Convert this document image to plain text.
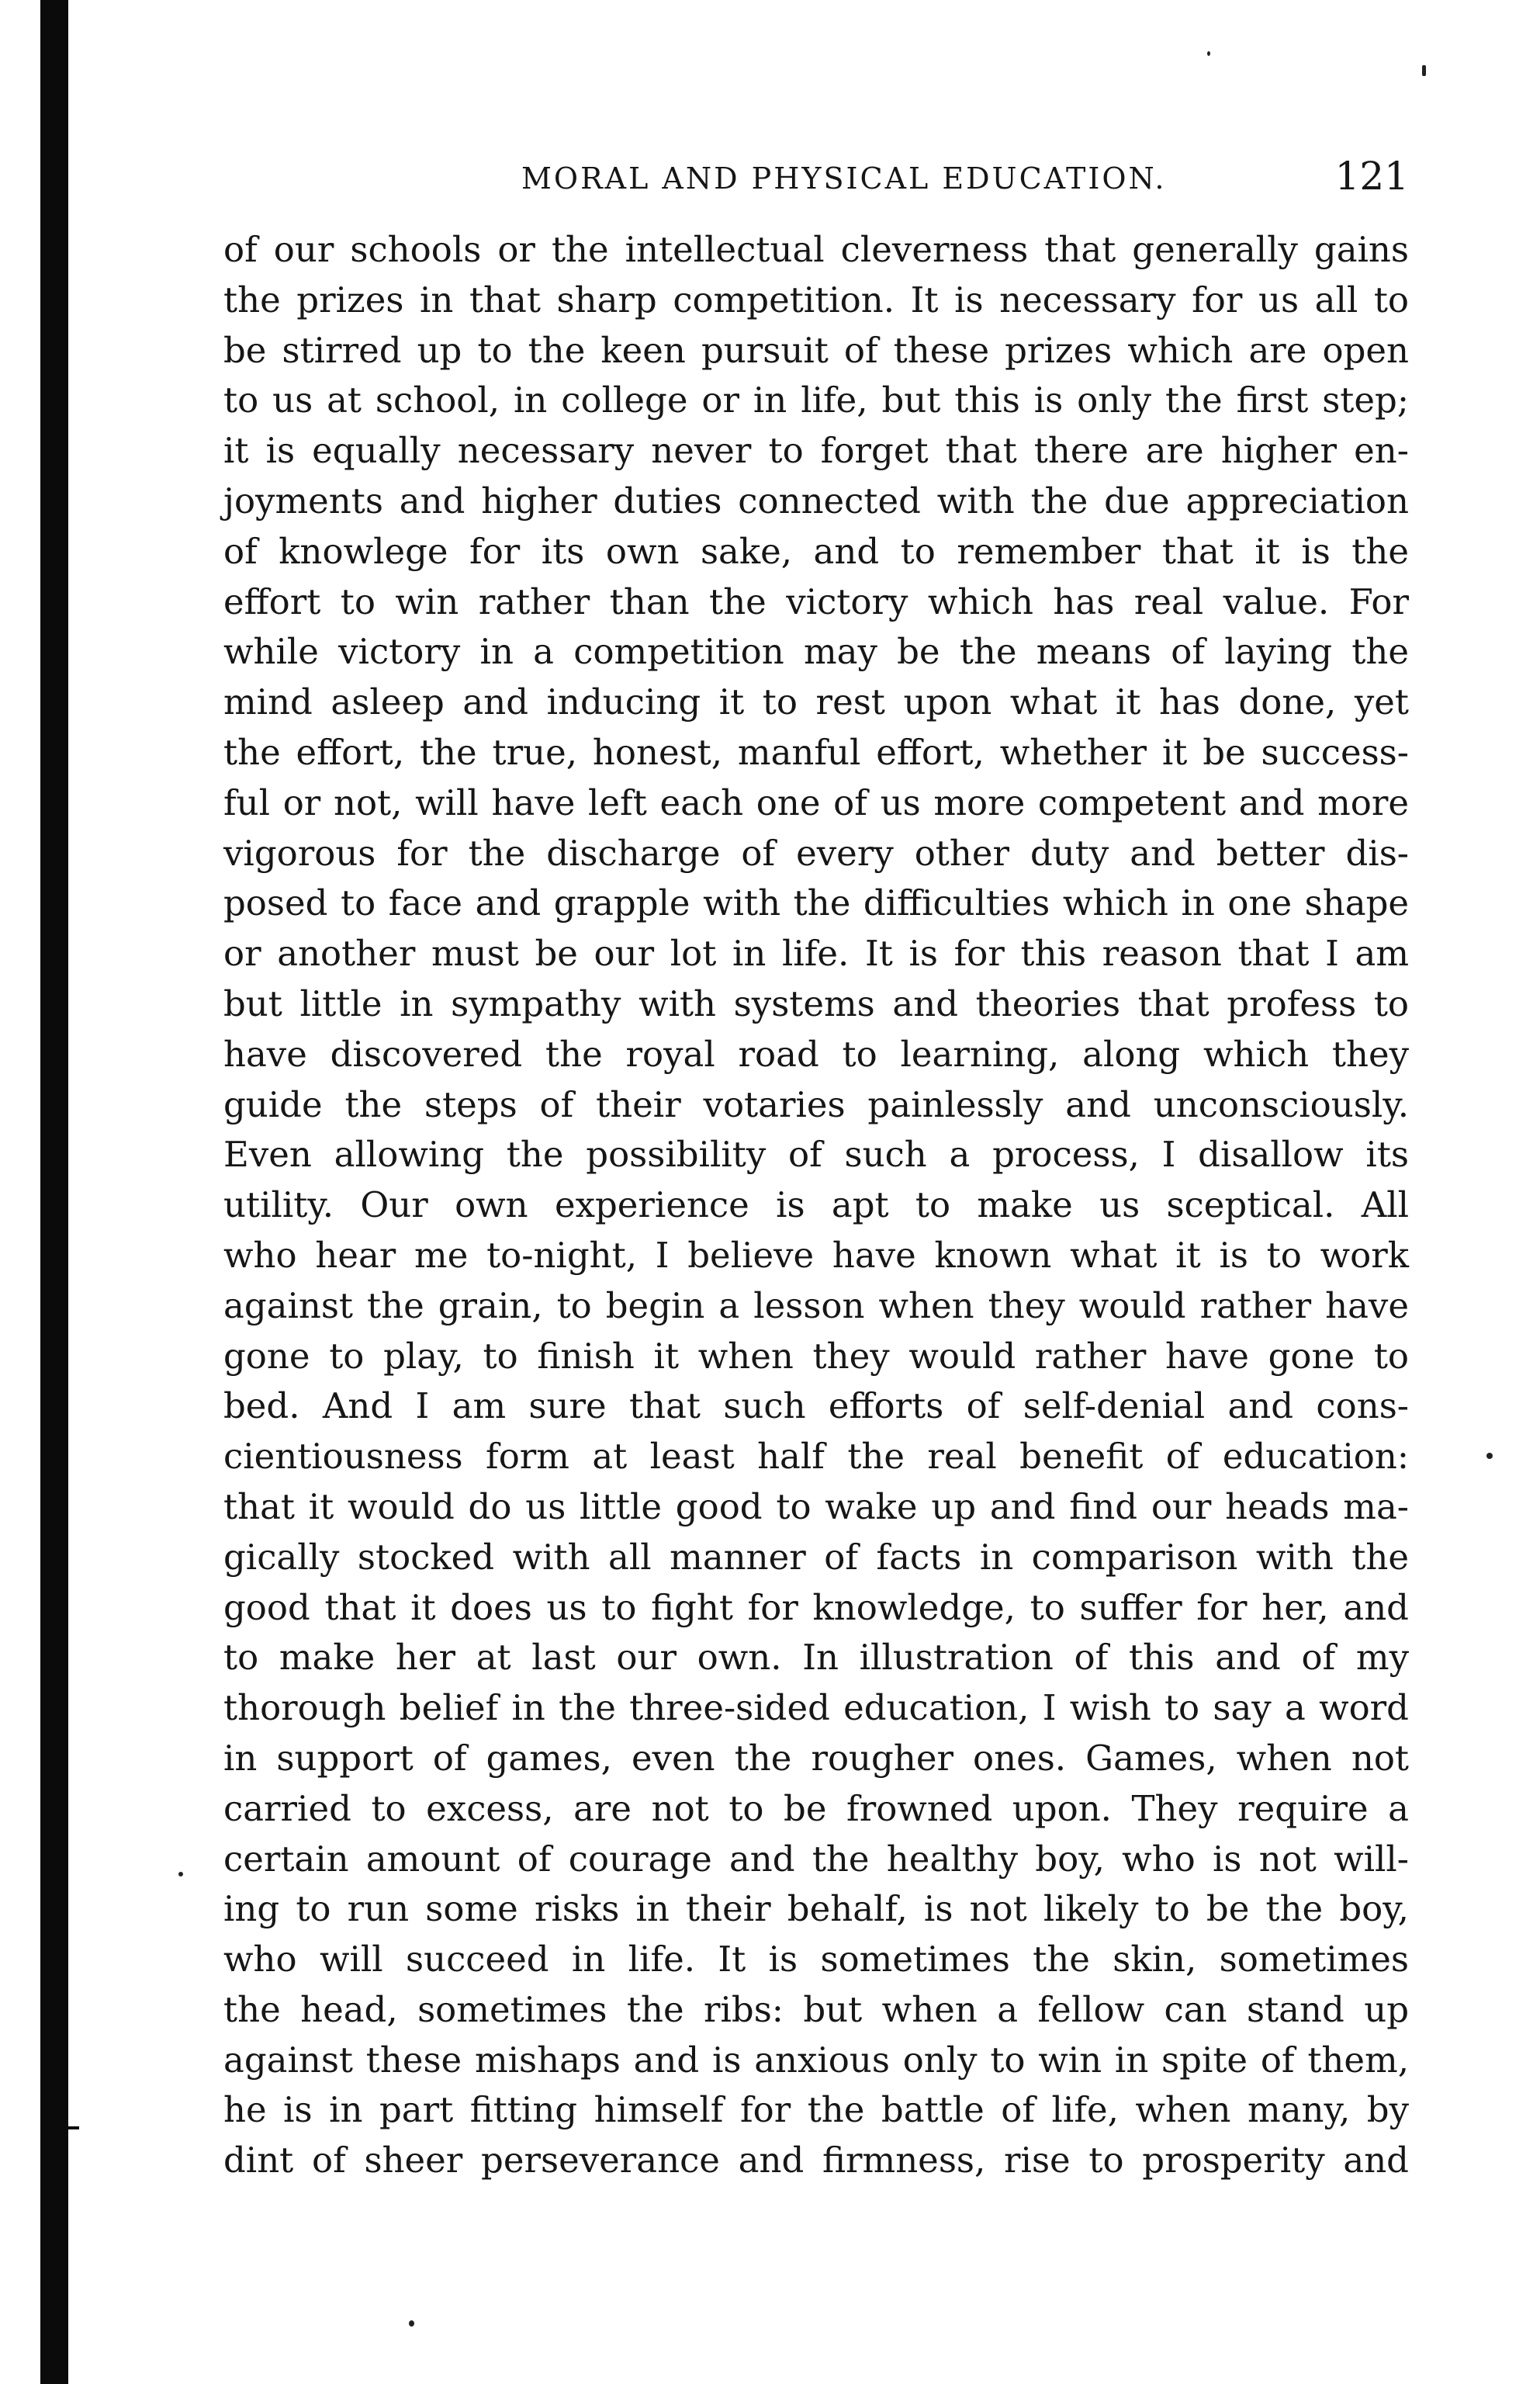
MORAL AND PHYSICAL EDUCATION.	121
of our schools or the intellectual cleverness that generally gains
the prizes in that sharp competition. It is necessary for us all to
be stirred up to the keen pursuit of these prizes which are open
to us at school, in college or in life, but this is only the first step;
it is equally necessary never to forget that there are higher en-
joyments and higher duties connected with the due appreciation
of knowlege for its own sake, and to remember that it is the
effort to win rather than the victory which has real value. For
while victory in a competition may be the means of laying the
mind asleep and inducing it to rest upon what it has done, yet
the effort, the true, honest, manful effort, whether it be success-
ful or not, will have left each one of us more competent and more
vigorous for the discharge of every other duty and better dis-
posed to face and grapple with the difficulties which in one shape
or another must be our lot in life. It is for this reason that I am
but little in sympathy with systems and theories that profess to
have discovered the royal road to learning, along which they
guide the steps of their votaries painlessly and unconsciously.
Even allowing the possibility of such a process, I disallow its
utility. Our own experience is apt to make us sceptical. All
who hear me to-night, I believe have known what it is to work
against the grain, to begin a lesson when they would rather have
gone to play, to finish it when they would rather have gone to
bed. And I am sure that such efforts of self-denial and cons-
cientiousness form at least half the real benefit of education:
that it would do us little good to wake up and find our heads ma-
gically stocked with all manner of facts in comparison with the
good that it does us to fight for knowledge, to suffer for her, and
to make her at last our own. In illustration of this and of my
thorough belief in the three-sided education, I wish to say a word
in support of games, even the rougher ones. Games, when not
carried to excess, are not to be frowned upon. They require a
certain amount of courage and the healthy boy, who is not will-
ing to run some risks in their behalf, is not likely to be the boy,
who will succeed in life. It is sometimes the skin, sometimes
the head, sometimes the ribs: but when a fellow can stand up
against these mishaps and is anxious only to win in spite of them,
he is in part fitting himself for the battle of life, when many, by
dint of sheer perseverance and firmness, rise to prosperity and
